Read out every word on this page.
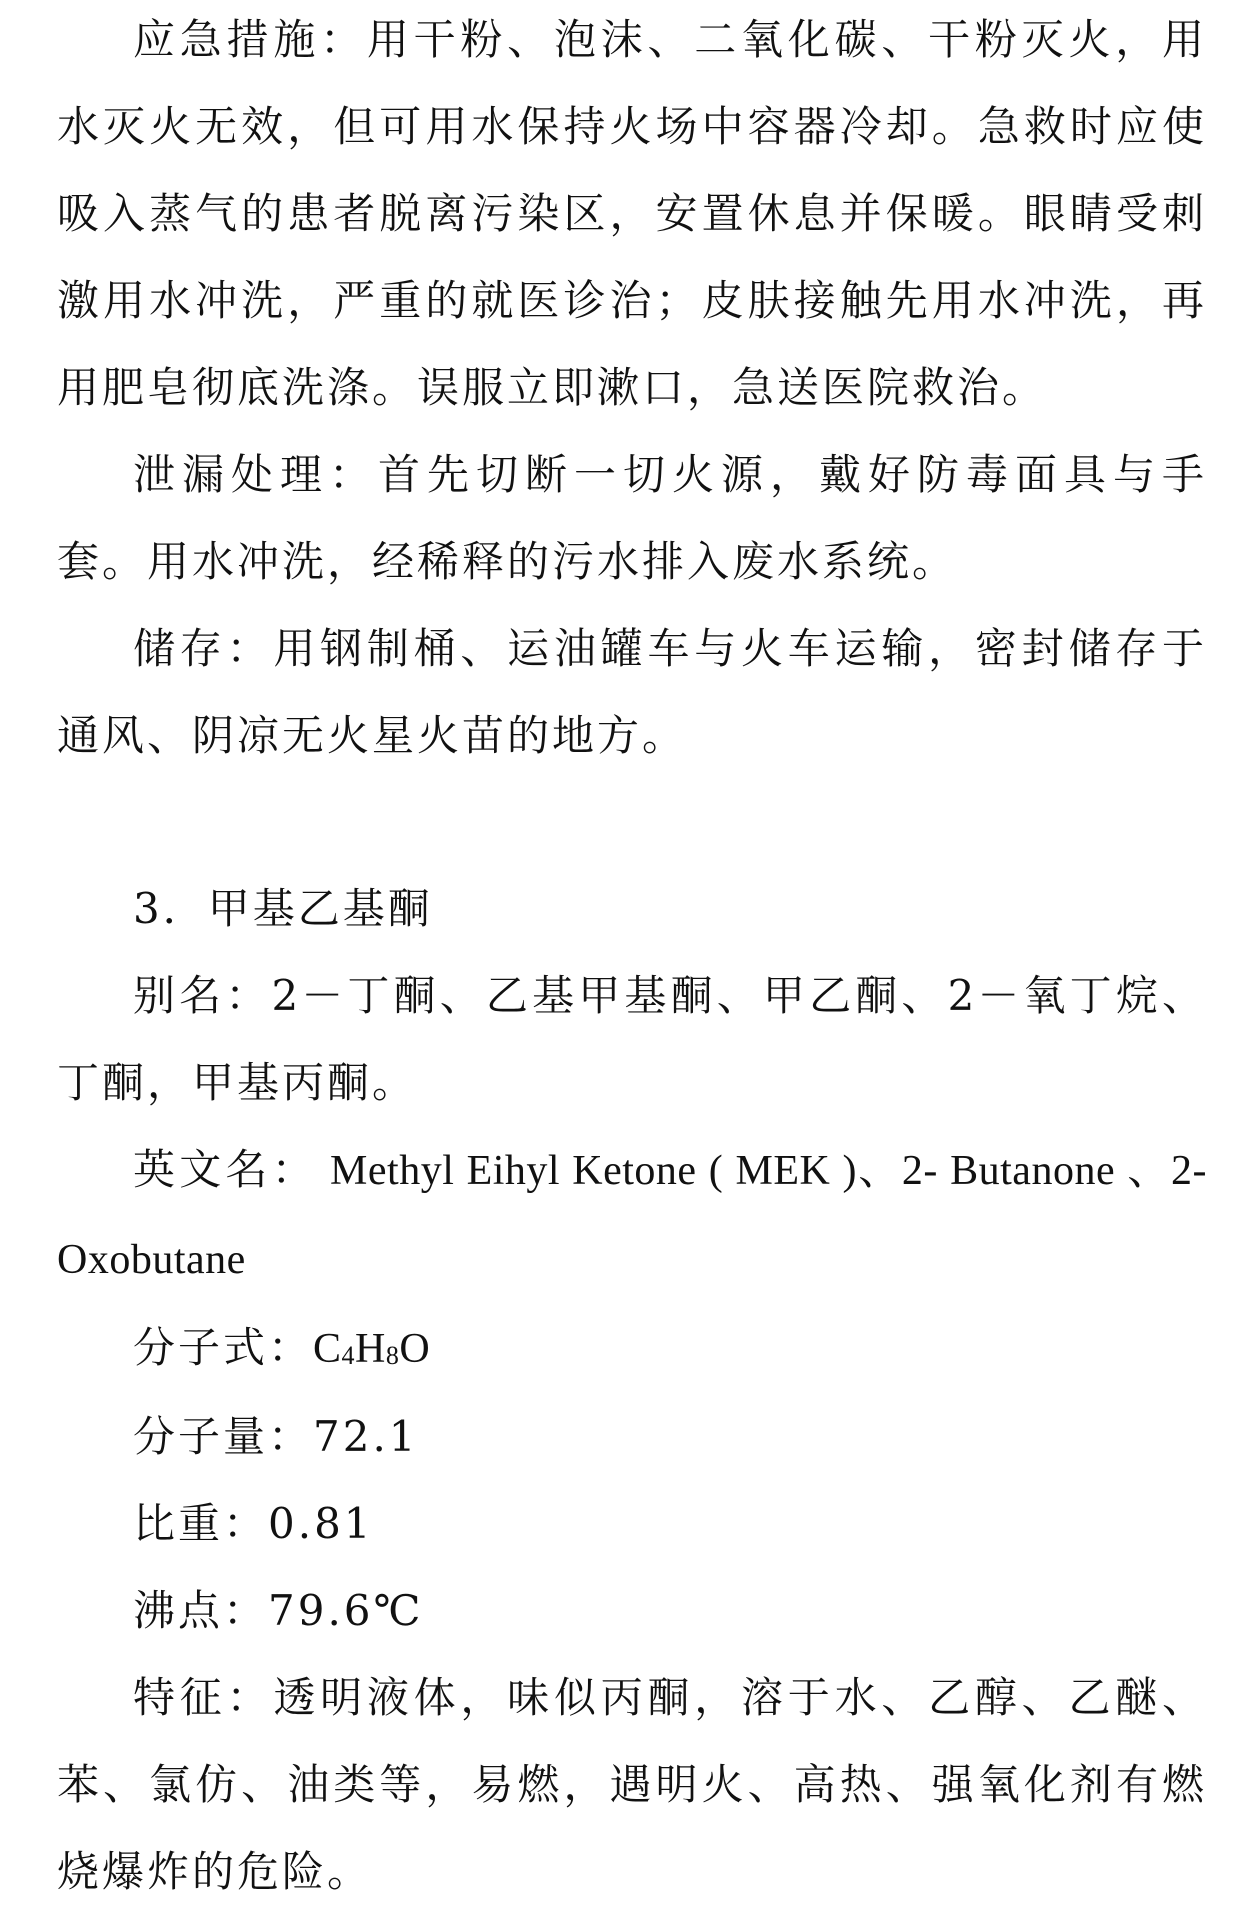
应急措施：用干粉、泡沫、二氧化碳、干粉灭火，用水灭火无效，但可用水保持火场中容器冷却。急救时应使吸入蒸气的患者脱离污染区，安置休息并保暖。眼睛受刺激用水冲洗，严重的就医诊治；皮肤接触先用水冲洗，再用肥皂彻底洗涤。误服立即漱口，急送医院救治。

泄漏处理：首先切断一切火源，戴好防毒面具与手套。用水冲洗，经稀释的污水排入废水系统。

储存：用钢制桶、运油罐车与火车运输，密封储存于通风、阴凉无火星火苗的地方。

3．甲基乙基酮

别名：2－丁酮、乙基甲基酮、甲乙酮、2－氧丁烷、丁酮，甲基丙酮。

英文名： Methyl Eihyl Ketone ( MEK )、2- Butanone 、2-Oxobutane

分子式：$C_4H_8O$

分子量：72.1

比重：0.81

沸点：79.6℃

特征：透明液体，味似丙酮，溶于水、乙醇、乙醚、苯、氯仿、油类等，易燃，遇明火、高热、强氧化剂有燃烧爆炸的危险。
